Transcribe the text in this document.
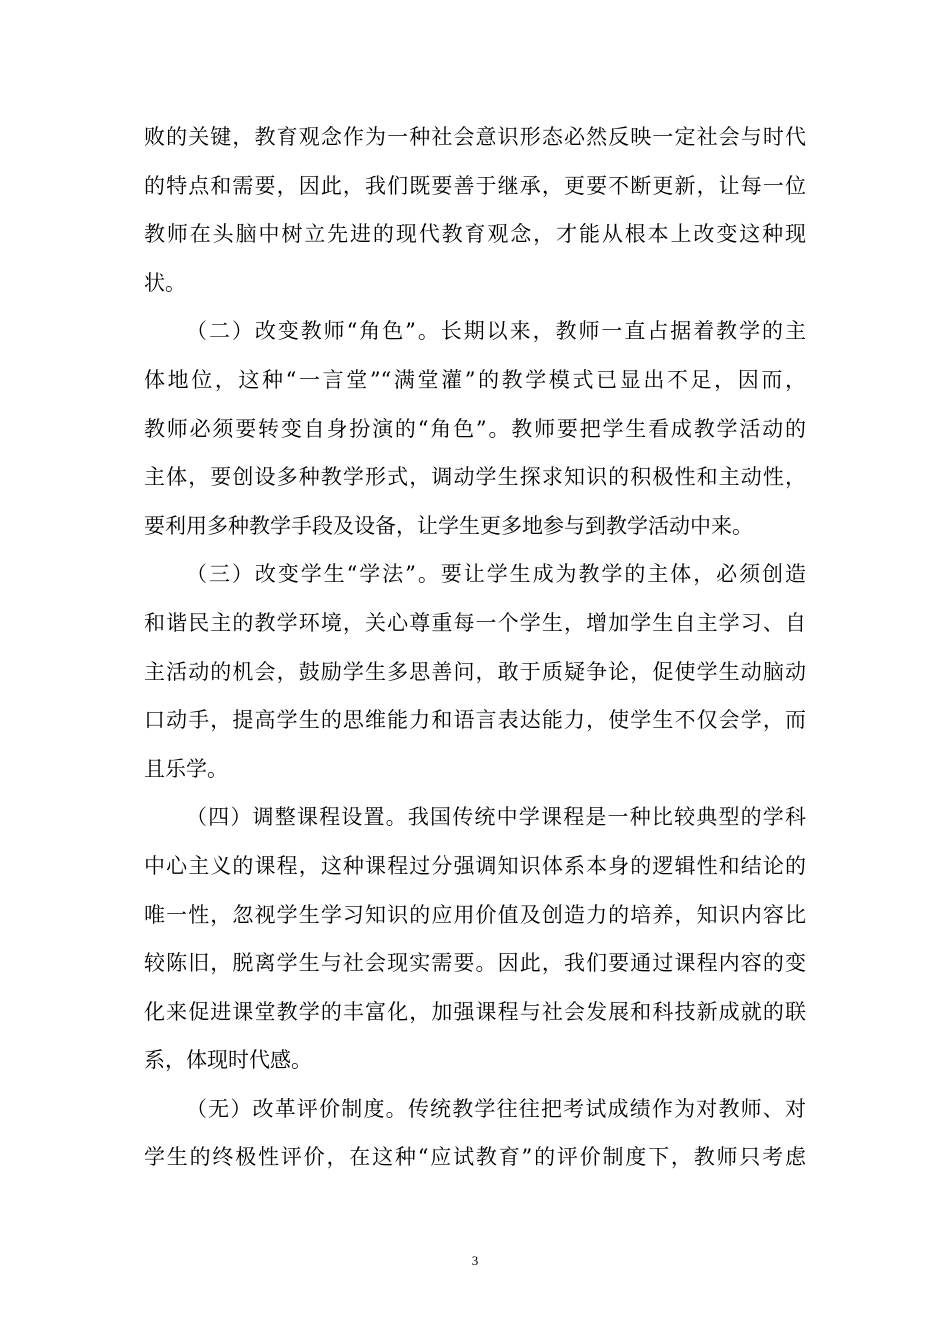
败的关键，教育观念作为一种社会意识形态必然反映一定社会与时代
的特点和需要，因此，我们既要善于继承，更要不断更新，让每一位
教师在头脑中树立先进的现代教育观念，才能从根本上改变这种现
状。
（二）改变教师“角色”。长期以来，教师一直占据着教学的主
体地位，这种“一言堂”“满堂灌”的教学模式已显出不足，因而，
教师必须要转变自身扮演的“角色”。教师要把学生看成教学活动的
主体，要创设多种教学形式，调动学生探求知识的积极性和主动性，
要利用多种教学手段及设备，让学生更多地参与到教学活动中来。
（三）改变学生“学法”。要让学生成为教学的主体，必须创造
和谐民主的教学环境，关心尊重每一个学生，增加学生自主学习、自
主活动的机会，鼓励学生多思善问，敢于质疑争论，促使学生动脑动
口动手，提高学生的思维能力和语言表达能力，使学生不仅会学，而
且乐学。
（四）调整课程设置。我国传统中学课程是一种比较典型的学科
中心主义的课程，这种课程过分强调知识体系本身的逻辑性和结论的
唯一性，忽视学生学习知识的应用价值及创造力的培养，知识内容比
较陈旧，脱离学生与社会现实需要。因此，我们要通过课程内容的变
化来促进课堂教学的丰富化，加强课程与社会发展和科技新成就的联
系，体现时代感。
（无）改革评价制度。传统教学往往把考试成绩作为对教师、对
学生的终极性评价，在这种“应试教育”的评价制度下，教师只考虑
3
